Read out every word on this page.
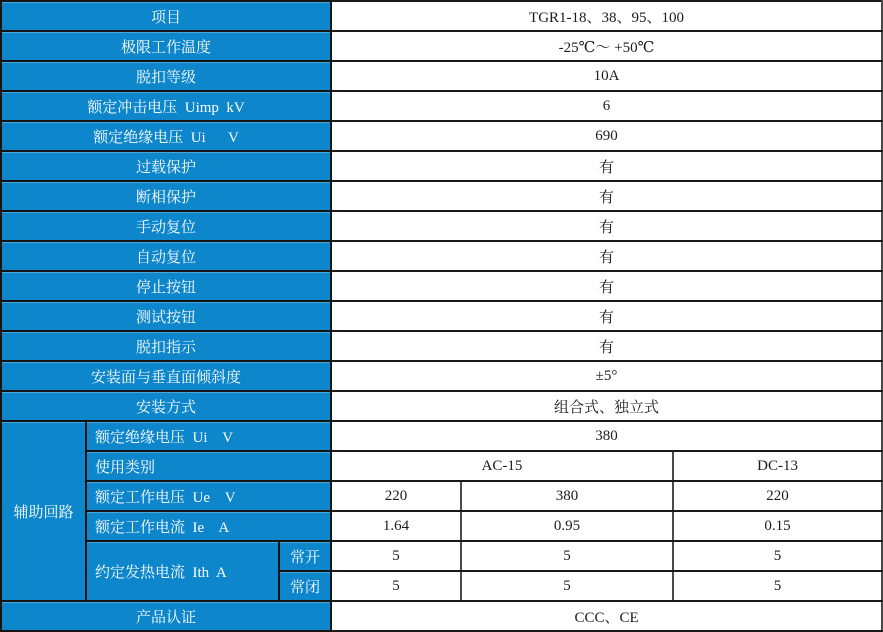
项目			TGR1-18、38、95、100		
极限工作温度			-25℃～ +50℃		
脱扣等级			10A		
额定冲击电压  Uimp  kV			6		
额定绝缘电压  Ui      V			690		
过载保护			有		
断相保护			有		
手动复位			有		
自动复位			有		
停止按钮			有		
测试按钮			有		
脱扣指示			有		
安装面与垂直面倾斜度			±5°		
安装方式			组合式、独立式		
辅助回路	额定绝缘电压  Ui    V		380		
	使用类别		AC-15		DC-13
	额定工作电压  Ue    V		220	380	220
	额定工作电流  Ie    A		1.64	0.95	0.15
	约定发热电流  Ith  A	常开	5	5	5
		常闭	5	5	5
产品认证			CCC、CE		
